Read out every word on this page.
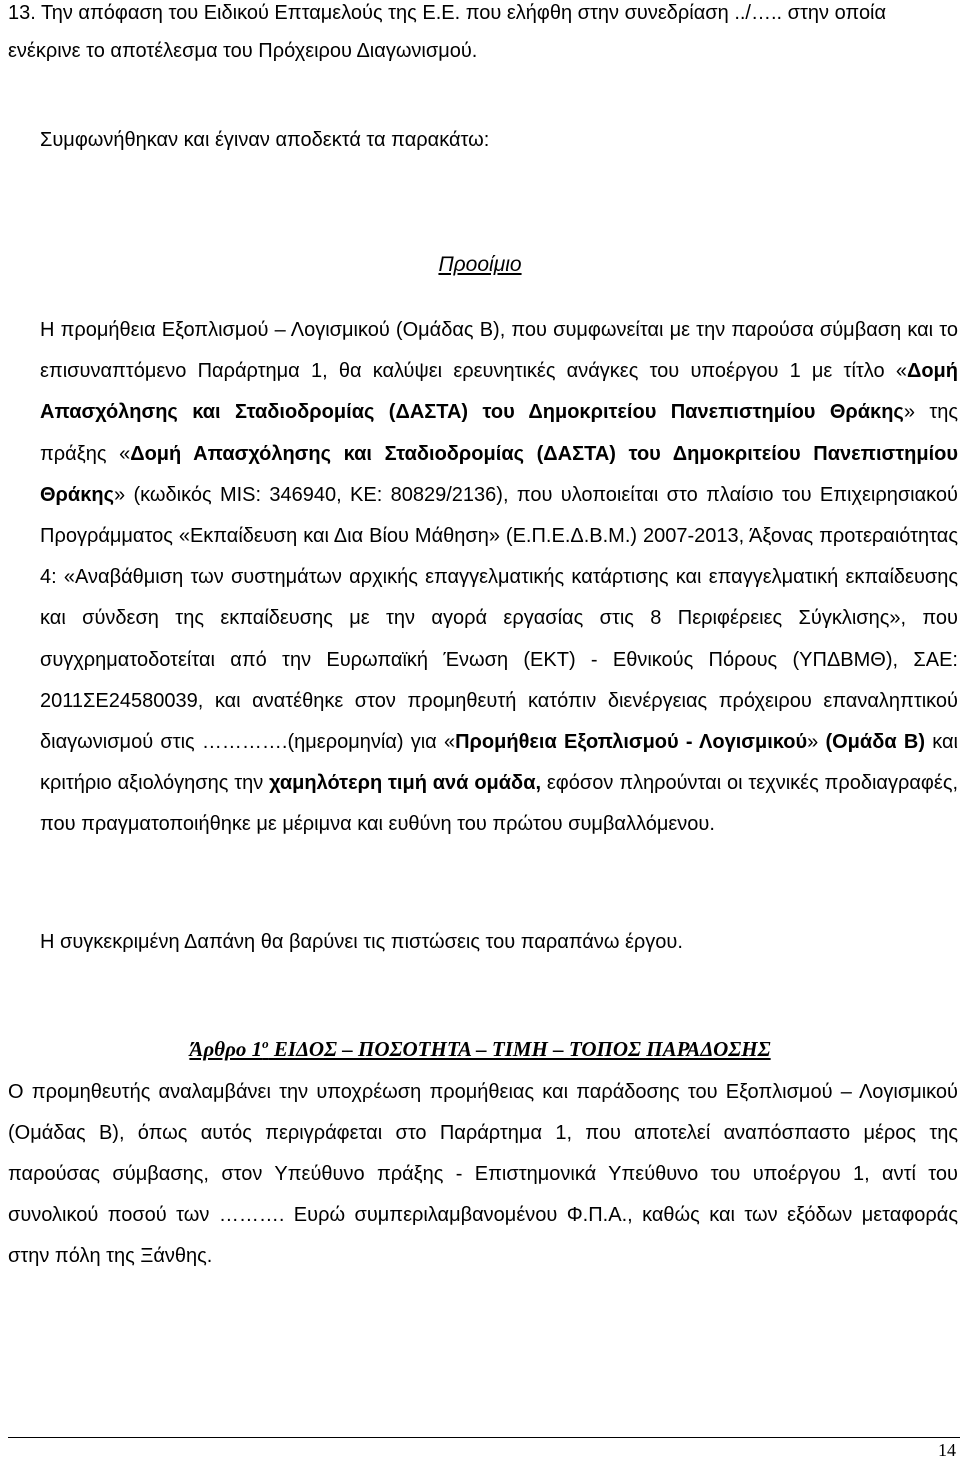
13. Την απόφαση του Ειδικού Επταμελούς της Ε.Ε. που ελήφθη στην συνεδρίαση ../….. στην οποία ενέκρινε το αποτέλεσμα του Πρόχειρου Διαγωνισμού.

Συμφωνήθηκαν και έγιναν αποδεκτά τα παρακάτω:

Προοίμιο

Η προμήθεια Εξοπλισμού – Λογισμικού (Ομάδας Β), που συμφωνείται με την παρούσα σύμβαση και το επισυναπτόμενο Παράρτημα 1, θα καλύψει ερευνητικές ανάγκες του υποέργου 1 με τίτλο «Δομή Απασχόλησης και Σταδιοδρομίας (ΔΑΣΤΑ) του Δημοκριτείου Πανεπιστημίου Θράκης» της πράξης «Δομή Απασχόλησης και Σταδιοδρομίας (ΔΑΣΤΑ) του Δημοκριτείου Πανεπιστημίου Θράκης» (κωδικός MIS: 346940, ΚΕ: 80829/2136), που υλοποιείται στο πλαίσιο του Επιχειρησιακού Προγράμματος «Εκπαίδευση και Δια Βίου Μάθηση» (Ε.Π.Ε.Δ.Β.Μ.) 2007-2013, Άξονας προτεραιότητας 4: «Αναβάθμιση των συστημάτων αρχικής επαγγελματικής κατάρτισης και επαγγελματική εκπαίδευσης και σύνδεση της εκπαίδευσης με την αγορά εργασίας στις 8 Περιφέρειες Σύγκλισης», που συγχρηματοδοτείται από την Ευρωπαϊκή Ένωση (ΕΚΤ) - Εθνικούς Πόρους (ΥΠΔΒΜΘ), ΣΑΕ: 2011ΣΕ24580039, και ανατέθηκε στον προμηθευτή κατόπιν διενέργειας πρόχειρου επαναληπτικού διαγωνισμού στις ………….(ημερομηνία) για «Προμήθεια Εξοπλισμού - Λογισμικού» (Ομάδα Β) και κριτήριο αξιολόγησης την χαμηλότερη τιμή ανά ομάδα, εφόσον πληρούνται οι τεχνικές προδιαγραφές, που πραγματοποιήθηκε με μέριμνα και ευθύνη του πρώτου συμβαλλόμενου.

Η συγκεκριμένη Δαπάνη θα βαρύνει τις πιστώσεις του παραπάνω έργου.

Άρθρο $1^o$ ΕΙΔΟΣ – ΠΟΣΟΤΗΤΑ – ΤΙΜΗ – ΤΟΠΟΣ ΠΑΡΑΔΟΣΗΣ

Ο προμηθευτής αναλαμβάνει την υποχρέωση προμήθειας και παράδοσης του Εξοπλισμού – Λογισμικού (Ομάδας Β), όπως αυτός περιγράφεται στο Παράρτημα 1, που αποτελεί αναπόσπαστο μέρος της παρούσας σύμβασης, στον Υπεύθυνο πράξης - Επιστημονικά Υπεύθυνο του υποέργου 1, αντί του συνολικού ποσού των ………. Ευρώ συμπεριλαμβανομένου Φ.Π.Α., καθώς και των εξόδων μεταφοράς στην πόλη της Ξάνθης.

14
